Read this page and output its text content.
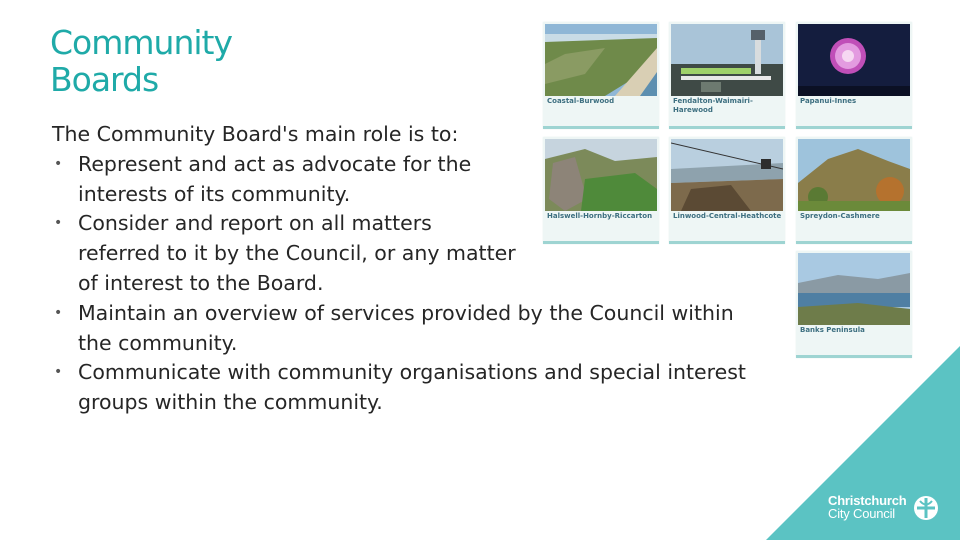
Community
Boards

The Community Board's main role is to:

• Represent and act as advocate for the interests of its community.
• Consider and report on all matters referred to it by the Council, or any matter of interest to the Board.
• Maintain an overview of services provided by the Council within the community.
• Communicate with community organisations and special interest groups within the community.
Coastal-Burwood	Fendalton-Waimairi-Harewood
Papanui-Innes
Halswell-Hornby-Riccarton	Linwood-Central-Heathcote	Spreydon-Cashmere
Banks Peninsula
Christchurch
City Council
